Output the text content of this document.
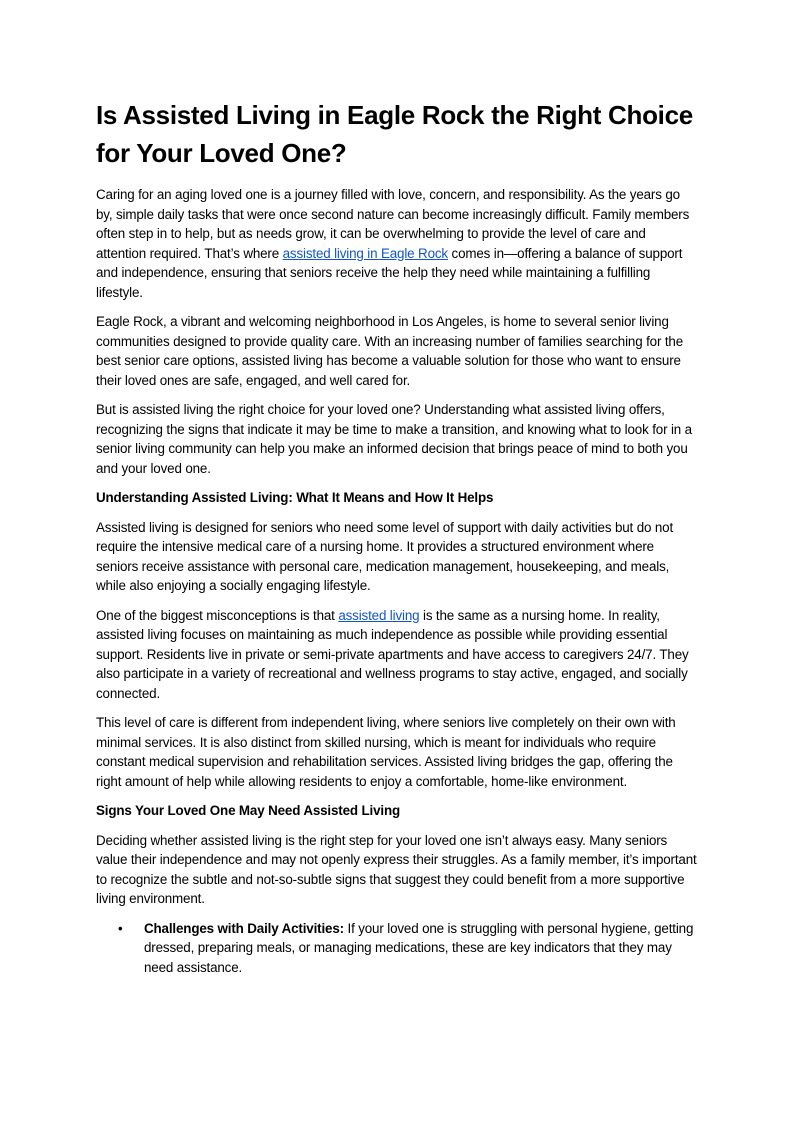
Is Assisted Living in Eagle Rock the Right Choice for Your Loved One?

Caring for an aging loved one is a journey filled with love, concern, and responsibility. As the years go by, simple daily tasks that were once second nature can become increasingly difficult. Family members often step in to help, but as needs grow, it can be overwhelming to provide the level of care and attention required. That’s where assisted living in Eagle Rock comes in—offering a balance of support and independence, ensuring that seniors receive the help they need while maintaining a fulfilling lifestyle.

Eagle Rock, a vibrant and welcoming neighborhood in Los Angeles, is home to several senior living communities designed to provide quality care. With an increasing number of families searching for the best senior care options, assisted living has become a valuable solution for those who want to ensure their loved ones are safe, engaged, and well cared for.

But is assisted living the right choice for your loved one? Understanding what assisted living offers, recognizing the signs that indicate it may be time to make a transition, and knowing what to look for in a senior living community can help you make an informed decision that brings peace of mind to both you and your loved one.

Understanding Assisted Living: What It Means and How It Helps

Assisted living is designed for seniors who need some level of support with daily activities but do not require the intensive medical care of a nursing home. It provides a structured environment where seniors receive assistance with personal care, medication management, housekeeping, and meals, while also enjoying a socially engaging lifestyle.

One of the biggest misconceptions is that assisted living is the same as a nursing home. In reality, assisted living focuses on maintaining as much independence as possible while providing essential support. Residents live in private or semi-private apartments and have access to caregivers 24/7. They also participate in a variety of recreational and wellness programs to stay active, engaged, and socially connected.

This level of care is different from independent living, where seniors live completely on their own with minimal services. It is also distinct from skilled nursing, which is meant for individuals who require constant medical supervision and rehabilitation services. Assisted living bridges the gap, offering the right amount of help while allowing residents to enjoy a comfortable, home-like environment.

Signs Your Loved One May Need Assisted Living

Deciding whether assisted living is the right step for your loved one isn’t always easy. Many seniors value their independence and may not openly express their struggles. As a family member, it’s important to recognize the subtle and not-so-subtle signs that suggest they could benefit from a more supportive living environment.

• Challenges with Daily Activities: If your loved one is struggling with personal hygiene, getting dressed, preparing meals, or managing medications, these are key indicators that they may need assistance.
